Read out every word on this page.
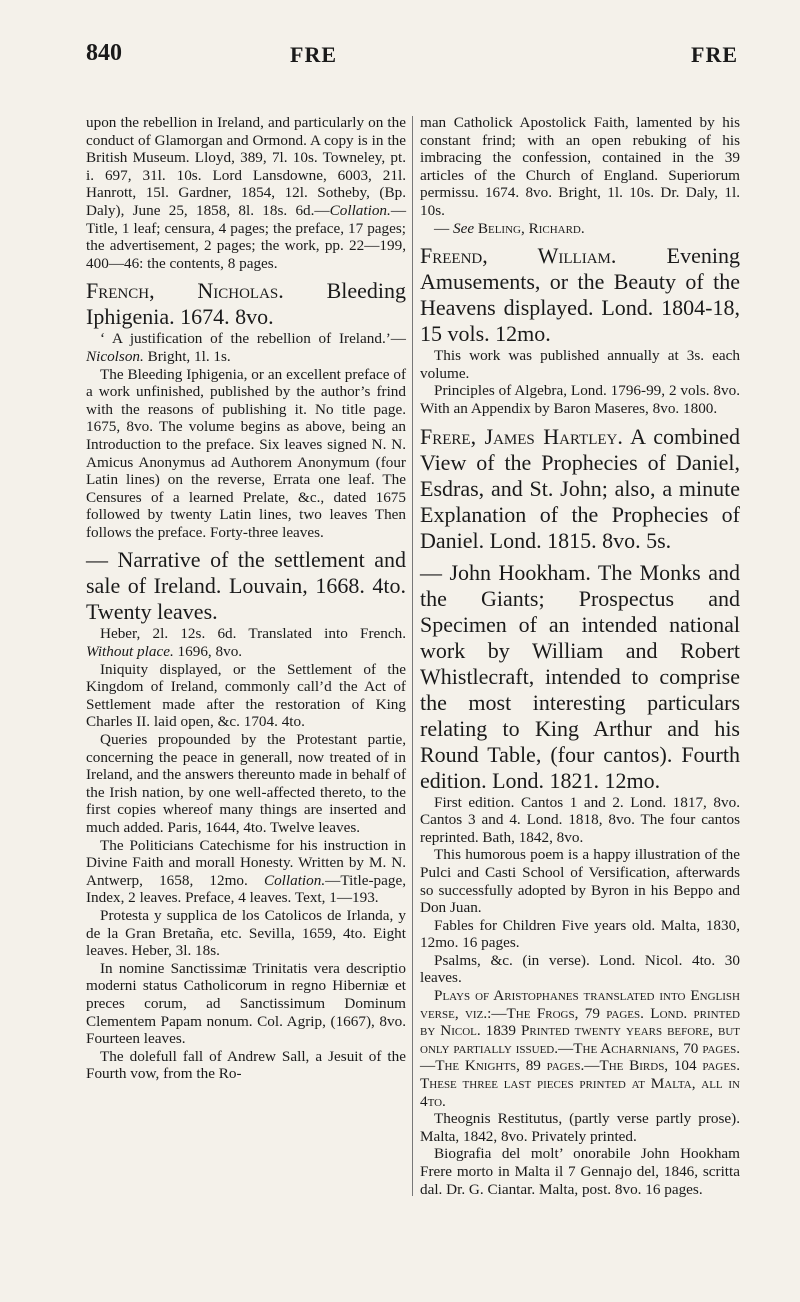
840	FRE	FRE

upon the rebellion in Ireland, and particularly on the conduct of Glamorgan and Ormond. A copy is in the British Museum. Lloyd, 389, 7l. 10s. Towneley, pt. i. 697, 31l. 10s. Lord Lansdowne, 6003, 21l. Hanrott, 15l. Gardner, 1854, 12l. Sotheby, (Bp. Daly), June 25, 1858, 8l. 18s. 6d.—Collation.—Title, 1 leaf; censura, 4 pages; the preface, 17 pages; the advertisement, 2 pages; the work, pp. 22—199, 400—46: the contents, 8 pages.

French, Nicholas. Bleeding Iphigenia. 1674. 8vo.

‘ A justification of the rebellion of Ireland.’—Nicolson. Bright, 1l. 1s.

The Bleeding Iphigenia, or an excellent preface of a work unfinished, published by the author’s frind with the reasons of publishing it. No title page. 1675, 8vo. The volume begins as above, being an Introduction to the preface. Six leaves signed N. N. Amicus Anonymus ad Authorem Anonymum (four Latin lines) on the reverse, Errata one leaf. The Censures of a learned Prelate, &c., dated 1675 followed by twenty Latin lines, two leaves Then follows the preface. Forty-three leaves.

— Narrative of the settlement and sale of Ireland. Louvain, 1668. 4to. Twenty leaves.

Heber, 2l. 12s. 6d. Translated into French. Without place. 1696, 8vo.

Iniquity displayed, or the Settlement of the Kingdom of Ireland, commonly call’d the Act of Settlement made after the restoration of King Charles II. laid open, &c. 1704. 4to.

Queries propounded by the Protestant partie, concerning the peace in generall, now treated of in Ireland, and the answers thereunto made in behalf of the Irish nation, by one well-affected thereto, to the first copies whereof many things are inserted and much added. Paris, 1644, 4to. Twelve leaves.

The Politicians Catechisme for his instruction in Divine Faith and morall Honesty. Written by M. N. Antwerp, 1658, 12mo. Collation.—Title-page, Index, 2 leaves. Preface, 4 leaves. Text, 1—193.

Protesta y supplica de los Catolicos de Irlanda, y de la Gran Bretaña, etc. Sevilla, 1659, 4to. Eight leaves. Heber, 3l. 18s.

In nomine Sanctissimæ Trinitatis vera descriptio moderni status Catholicorum in regno Hiberniæ et preces corum, ad Sanctissimum Dominum Clementem Papam nonum. Col. Agrip, (1667), 8vo. Fourteen leaves.

The dolefull fall of Andrew Sall, a Jesuit of the Fourth vow, from the Ro-

man Catholick Apostolick Faith, lamented by his constant frind; with an open rebuking of his imbracing the confession, contained in the 39 articles of the Church of England. Superiorum permissu. 1674. 8vo. Bright, 1l. 10s. Dr. Daly, 1l. 10s.

— See Beling, Richard.

Freend, William. Evening Amusements, or the Beauty of the Heavens displayed. Lond. 1804-18, 15 vols. 12mo.

This work was published annually at 3s. each volume.

Principles of Algebra, Lond. 1796-99, 2 vols. 8vo. With an Appendix by Baron Maseres, 8vo. 1800.

Frere, James Hartley. A combined View of the Prophecies of Daniel, Esdras, and St. John; also, a minute Explanation of the Prophecies of Daniel. Lond. 1815. 8vo. 5s.

— John Hookham. The Monks and the Giants; Prospectus and Specimen of an intended national work by William and Robert Whistlecraft, intended to comprise the most interesting particulars relating to King Arthur and his Round Table, (four cantos). Fourth edition. Lond. 1821. 12mo.

First edition. Cantos 1 and 2. Lond. 1817, 8vo. Cantos 3 and 4. Lond. 1818, 8vo. The four cantos reprinted. Bath, 1842, 8vo.

This humorous poem is a happy illustration of the Pulci and Casti School of Versification, afterwards so successfully adopted by Byron in his Beppo and Don Juan.

Fables for Children Five years old. Malta, 1830, 12mo. 16 pages.

Psalms, &c. (in verse). Lond. Nicol. 4to. 30 leaves.

Plays of Aristophanes translated into English verse, viz.:—The Frogs, 79 pages. Lond. printed by Nicol. 1839 Printed twenty years before, but only partially issued.—The Acharnians, 70 pages.—The Knights, 89 pages.—The Birds, 104 pages. These three last pieces printed at Malta, all in 4to.

Theognis Restitutus, (partly verse partly prose). Malta, 1842, 8vo. Privately printed.

Biografia del molt’ onorabile John Hookham Frere morto in Malta il 7 Gennajo del, 1846, scritta dal. Dr. G. Ciantar. Malta, post. 8vo. 16 pages.
